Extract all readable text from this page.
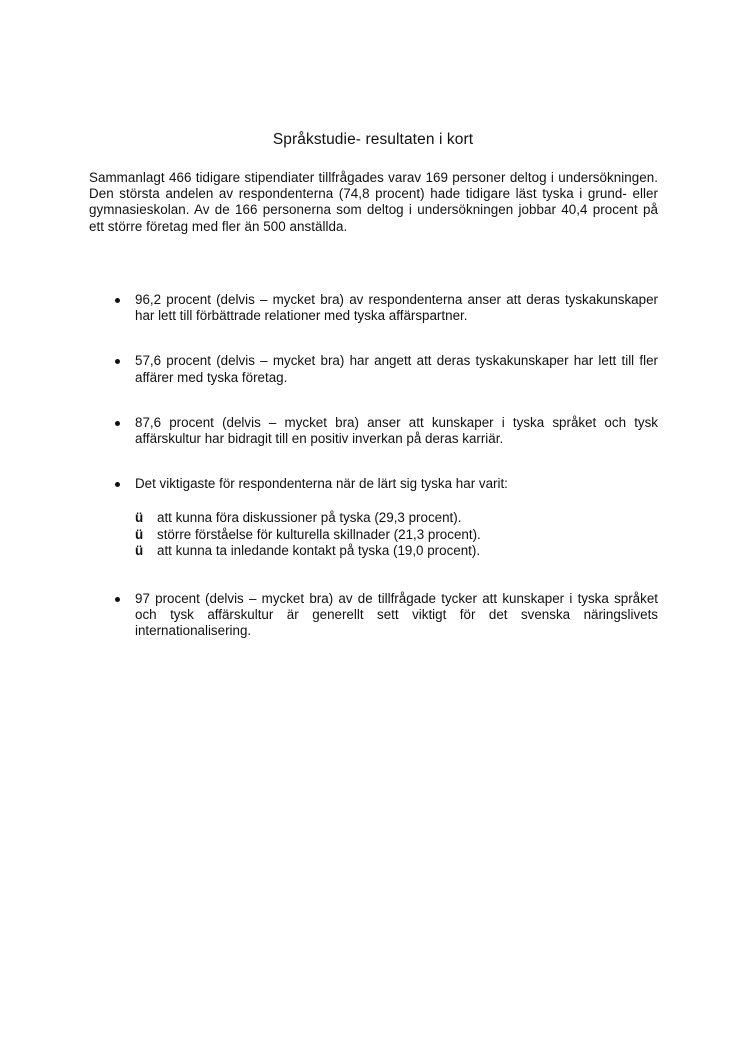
Språkstudie- resultaten i kort

Sammanlagt 466 tidigare stipendiater tillfrågades varav 169 personer deltog i undersökningen. Den största andelen av respondenterna (74,8 procent) hade tidigare läst tyska i grund- eller gymnasieskolan. Av de 166 personerna som deltog i undersökningen jobbar 40,4 procent på ett större företag med fler än 500 anställda.

96,2 procent (delvis – mycket bra) av respondenterna anser att deras tyskakunskaper har lett till förbättrade relationer med tyska affärspartner.
57,6 procent (delvis – mycket bra) har angett att deras tyskakunskaper har lett till fler affärer med tyska företag.
87,6 procent (delvis – mycket bra) anser att kunskaper i tyska språket och tysk affärskultur har bidragit till en positiv inverkan på deras karriär.
Det viktigaste för respondenterna när de lärt sig tyska har varit:
ü att kunna föra diskussioner på tyska (29,3 procent).
ü större förståelse för kulturella skillnader (21,3 procent).
ü att kunna ta inledande kontakt på tyska (19,0 procent).
97 procent (delvis – mycket bra) av de tillfrågade tycker att kunskaper i tyska språket och tysk affärskultur är generellt sett viktigt för det svenska näringslivets internationalisering.
